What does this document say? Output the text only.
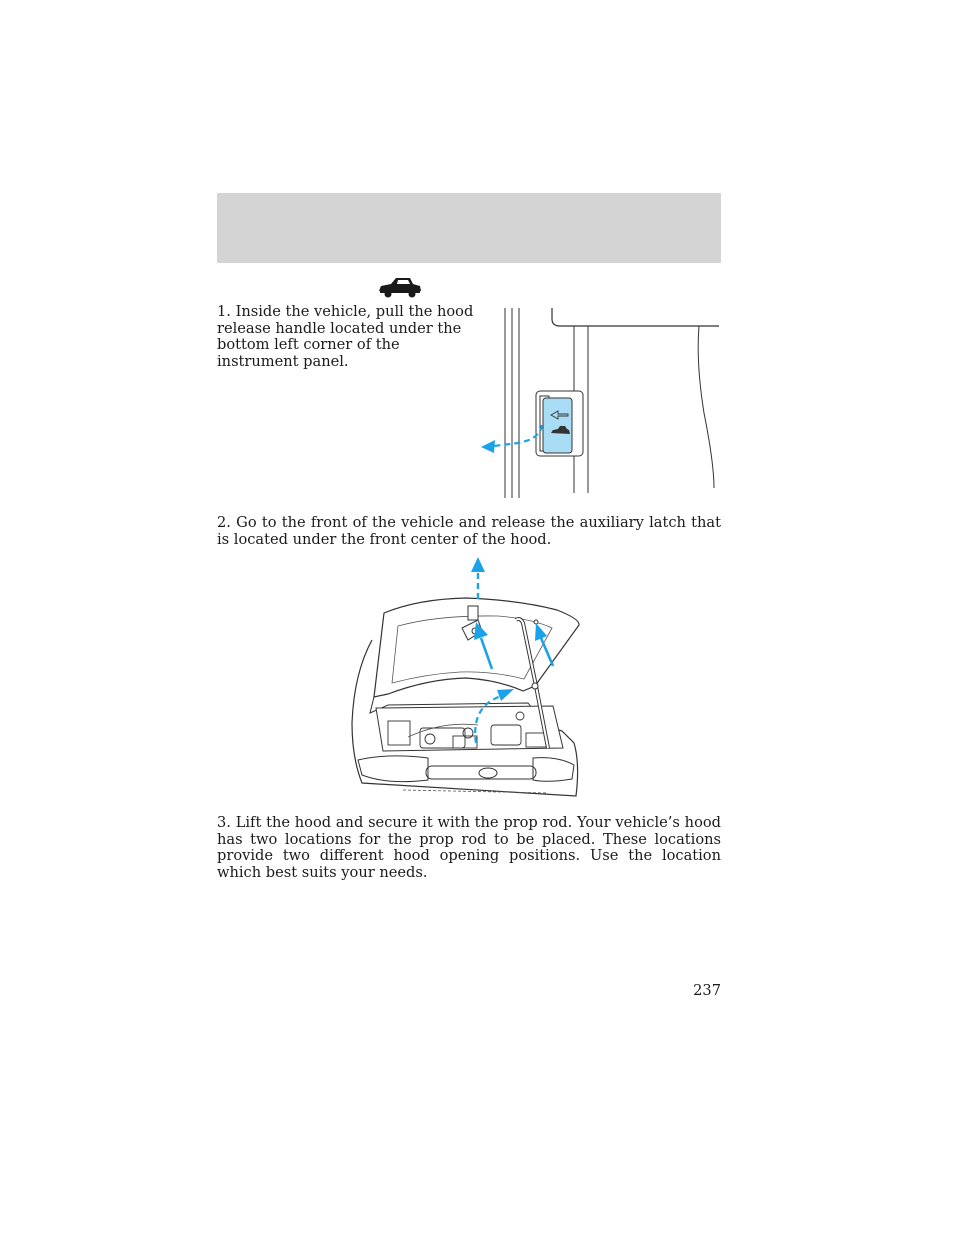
1. Inside the vehicle, pull the hood release handle located under the bottom left corner of the instrument panel.

2. Go to the front of the vehicle and release the auxiliary latch that is located under the front center of the hood.

3. Lift the hood and secure it with the prop rod. Your vehicle’s hood has two locations for the prop rod to be placed. These locations provide two different hood opening positions. Use the location which best suits your needs.

237
